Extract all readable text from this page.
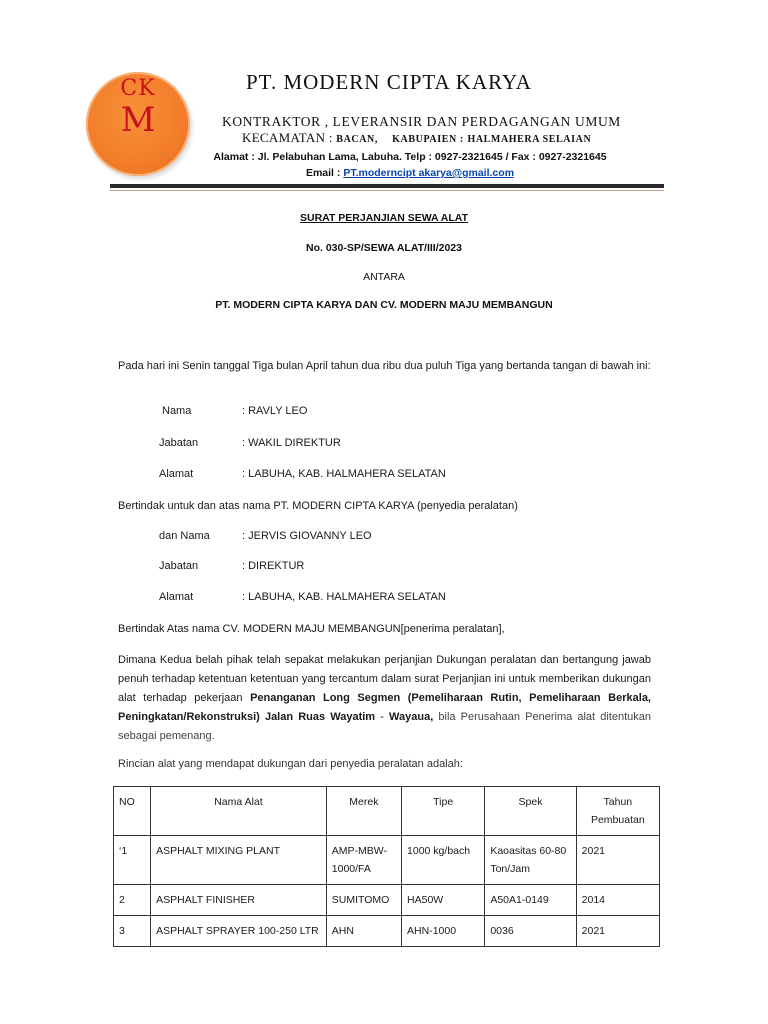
CK
M
PT. MODERN CIPTA KARYA
KONTRAKTOR , LEVERANSIR DAN PERDAGANGAN UMUM
KECAMATAN : BACAN, KABUPAIEN : HALMAHERA SELAIAN
Alamat : Jl. Pelabuhan Lama, Labuha. Telp : 0927-2321645 / Fax : 0927-2321645 Email : PT.moderncipt akarya@gmail.com
SURAT PERJANJIAN SEWA ALAT
No. 030-SP/SEWA ALAT/III/2023
ANTARA
PT. MODERN CIPTA KARYA DAN CV. MODERN MAJU MEMBANGUN
Pada hari ini Senin tanggal Tiga bulan April tahun dua ribu dua puluh Tiga yang bertanda tangan di bawah ini:
Nama	: RAVLY LEO
Jabatan	: WAKIL DIREKTUR
Alamat	: LABUHA, KAB. HALMAHERA SELATAN
Bertindak untuk dan atas nama PT. MODERN CIPTA KARYA (penyedia peralatan)
dan Nama	: JERVIS GIOVANNY LEO
Jabatan	: DIREKTUR
Alamat	: LABUHA, KAB. HALMAHERA SELATAN
Bertindak Atas nama CV. MODERN MAJU MEMBANGUN[penerima peralatan],
Dimana Kedua belah pihak telah sepakat melakukan perjanjian Dukungan peralatan dan bertangung jawab penuh terhadap ketentuan ketentuan yang tercantum dalam surat Perjanjian ini untuk memberikan dukungan alat terhadap pekerjaan Penanganan Long Segmen (Pemeliharaan Rutin, Pemeliharaan Berkala, Peningkatan/Rekonstruksi) Jalan Ruas Wayatim - Wayaua, bila Perusahaan Penerima alat ditentukan sebagai pemenang.
Rincian alat yang mendapat dukungan dari penyedia peralatan adalah:
NO	Nama Alat	Merek	Tipe	Spek	Tahun Pembuatan
‘1	ASPHALT MIXING PLANT	AMP-MBW-1000/FA	1000 kg/bach	Kaoasitas 60-80 Ton/Jam	2021
2	ASPHALT FINISHER	SUMITOMO	HA50W	A50A1-0149	2014
3	ASPHALT SPRAYER 100-250 LTR	AHN	AHN-1000	0036	2021
